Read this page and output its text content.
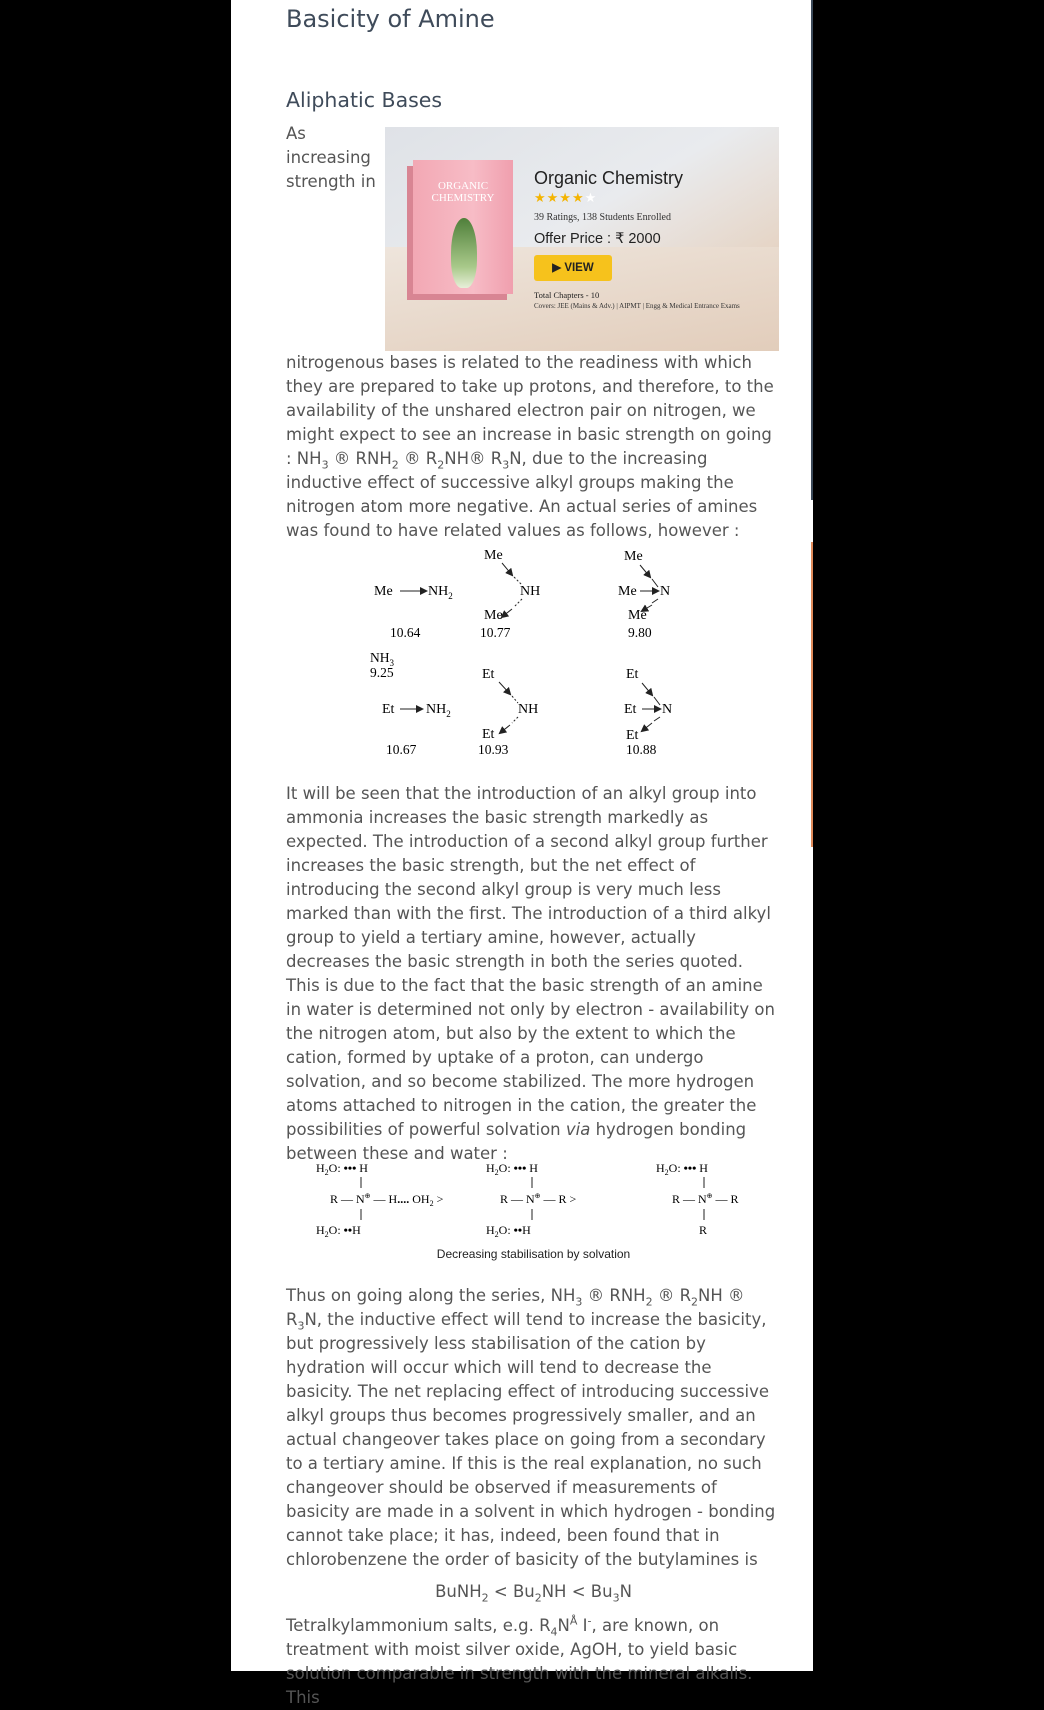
Basicity of Amine
Aliphatic Bases
ORGANIC CHEMISTRY
Organic Chemistry
★★★★★
39 Ratings, 138 Students Enrolled
Offer Price : ₹ 2000
▶ VIEW
Total Chapters - 10
Covers: JEE (Mains & Adv.) | AIPMT | Engg & Medical Entrance Exams

As increasing strength in nitrogenous bases is related to the readiness with which they are prepared to take up protons, and therefore, to the availability of the unshared electron pair on nitrogen, we might expect to see an increase in basic strength on going : $NH_3$ ® $RNH_2$ ® $R_2NH®$ $R_3N$, due to the increasing inductive effect of successive alkyl groups making the nitrogen atom more negative. An actual series of amines was found to have related values as follows, however :

Me	$NH_2$
10.64
Me
NH
Me
10.77
Me
Me N
Me
9.80
$NH_3$
9.25
Et $NH_2$
10.67
Et
NH
Et
10.93
Et
Et N
Et
10.88

It will be seen that the introduction of an alkyl group into ammonia increases the basic strength markedly as expected. The introduction of a second alkyl group further increases the basic strength, but the net effect of introducing the second alkyl group is very much less marked than with the first. The introduction of a third alkyl group to yield a tertiary amine, however, actually decreases the basic strength in both the series quoted. This is due to the fact that the basic strength of an amine in water is determined not only by electron - availability on the nitrogen atom, but also by the extent to which the cation, formed by uptake of a proton, can undergo solvation, and so become stabilized. The more hydrogen atoms attached to nitrogen in the cation, the greater the possibilities of powerful solvation via hydrogen bonding between these and water :

$H_2O$: ••• H
R — N⊕ — H.... $OH_2$ >
$H_2O$: ••H
$H_2O$: ••• H
R — N⊕ — R >
$H_2O$: ••H
$H_2O$: ••• H
R — N⊕ — R
R
Decreasing stabilisation by solvation

Thus on going along the series, $NH_3$ ® $RNH_2$ ® $R_2NH$ ® $R_3N$, the inductive effect will tend to increase the basicity, but progressively less stabilisation of the cation by hydration will occur which will tend to decrease the basicity. The net replacing effect of introducing successive alkyl groups thus becomes progressively smaller, and an actual changeover takes place on going from a secondary to a tertiary amine. If this is the real explanation, no such changeover should be observed if measurements of basicity are made in a solvent in which hydrogen - bonding cannot take place; it has, indeed, been found that in chlorobenzene the order of basicity of the butylamines is

BuNH$_2$ < $Bu_2NH < Bu_3N$

Tetralkylammonium salts, e.g. $R_4N^Å$ I-, are known, on treatment with moist silver oxide, AgOH, to yield basic solution comparable in strength with the mineral alkalis. This
